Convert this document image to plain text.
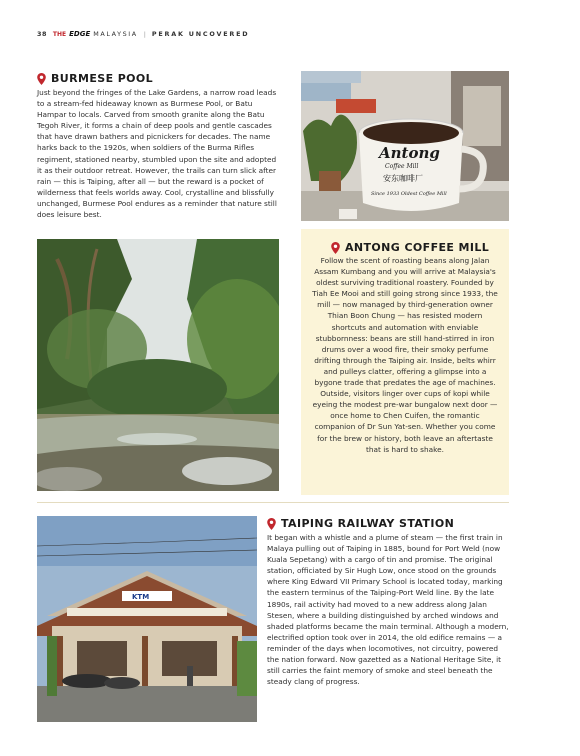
38 THE EDGE MALAYSIA | PERAK UNCOVERED
BURMESE POOL
Just beyond the fringes of the Lake Gardens, a narrow road leads to a stream-fed hideaway known as Burmese Pool, or Batu Hampar to locals. Carved from smooth granite along the Batu Tegoh River, it forms a chain of deep pools and gentle cascades that have drawn bathers and picnickers for decades. The name harks back to the 1920s, when soldiers of the Burma Rifles regiment, stationed nearby, stumbled upon the site and adopted it as their outdoor retreat. However, the trails can turn slick after rain — this is Taiping, after all — but the reward is a pocket of wilderness that feels worlds away. Cool, crystalline and blissfully unchanged, Burmese Pool endures as a reminder that nature still does leisure best.
Antong
Coffee Mill
安东咖啡厂
Since 1933 Oldest Coffee Mill
ANTONG COFFEE MILL
Follow the scent of roasting beans along Jalan Assam Kumbang and you will arrive at Malaysia's oldest surviving traditional roastery. Founded by Tiah Ee Mooi and still going strong since 1933, the mill — now managed by third-generation owner Thian Boon Chung — has resisted modern shortcuts and automation with enviable stubbornness: beans are still hand-stirred in iron drums over a wood fire, their smoky perfume drifting through the Taiping air. Inside, belts whirr and pulleys clatter, offering a glimpse into a bygone trade that predates the age of machines. Outside, visitors linger over cups of kopi while eyeing the modest pre-war bungalow next door — once home to Chen Cuifen, the romantic companion of Dr Sun Yat-sen. Whether you come for the brew or history, both leave an aftertaste that is hard to shake.
KTM
TAIPING RAILWAY STATION
It began with a whistle and a plume of steam — the first train in Malaya pulling out of Taiping in 1885, bound for Port Weld (now Kuala Sepetang) with a cargo of tin and promise. The original station, officiated by Sir Hugh Low, once stood on the grounds where King Edward VII Primary School is located today, marking the eastern terminus of the Taiping-Port Weld line. By the late 1890s, rail activity had moved to a new address along Jalan Stesen, where a building distinguished by arched windows and shaded platforms became the main terminal. Although a modern, electrified option took over in 2014, the old edifice remains — a reminder of the days when locomotives, not circuitry, powered the nation forward. Now gazetted as a National Heritage Site, it still carries the faint memory of smoke and steel beneath the steady clang of progress.
